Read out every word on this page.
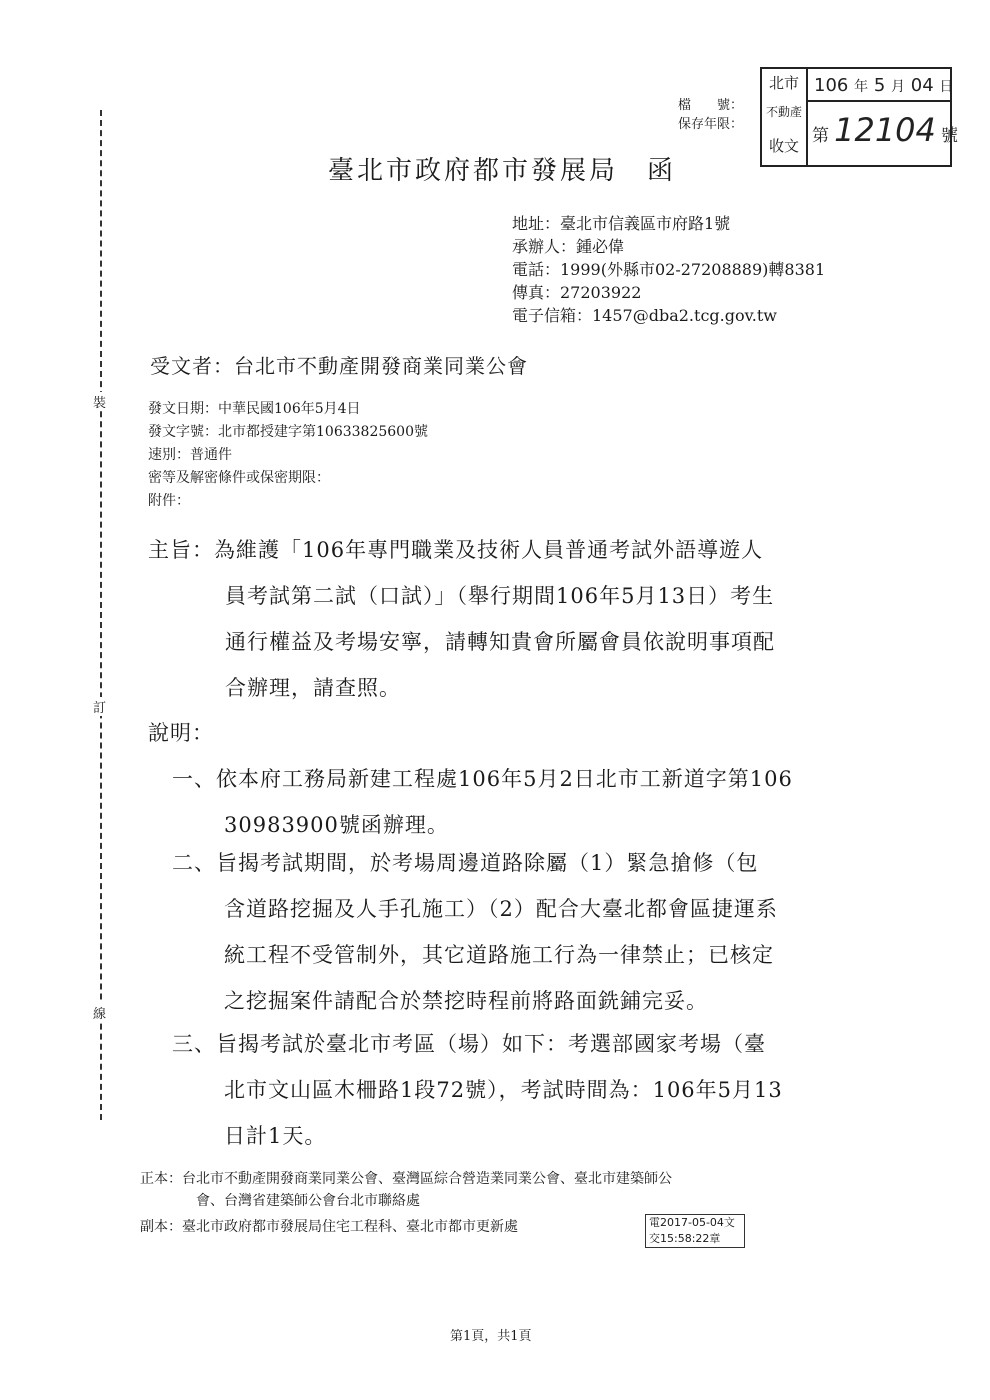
裝
訂
線
檔　　號：
保存年限：
北市
不動產
收文
106 年 5 月 04 日
第 12104 號
臺北市政府都市發展局　函
地址：臺北市信義區市府路1號
承辦人：鍾必偉
電話：1999(外縣市02-27208889)轉8381
傳真：27203922
電子信箱：1457@dba2.tcg.gov.tw
受文者：台北市不動產開發商業同業公會
發文日期：中華民國106年5月4日
發文字號：北市都授建字第10633825600號
速別：普通件
密等及解密條件或保密期限：
附件：
主旨：為維護「106年專門職業及技術人員普通考試外語導遊人
員考試第二試（口試）」（舉行期間106年5月13日）考生
通行權益及考場安寧，請轉知貴會所屬會員依說明事項配
合辦理，請查照。
說明：
一、依本府工務局新建工程處106年5月2日北市工新道字第106
30983900號函辦理。
二、旨揭考試期間，於考場周邊道路除屬（1）緊急搶修（包
含道路挖掘及人手孔施工）（2）配合大臺北都會區捷運系
統工程不受管制外，其它道路施工行為一律禁止；已核定
之挖掘案件請配合於禁挖時程前將路面銑鋪完妥。
三、旨揭考試於臺北市考區（場）如下：考選部國家考場（臺
北市文山區木柵路1段72號），考試時間為：106年5月13
日計1天。
正本：台北市不動產開發商業同業公會、臺灣區綜合營造業同業公會、臺北市建築師公
會、台灣省建築師公會台北市聯絡處
副本：臺北市政府都市發展局住宅工程科、臺北市都市更新處	電2017-05-04文
交15:58:22章
第1頁，共1頁
